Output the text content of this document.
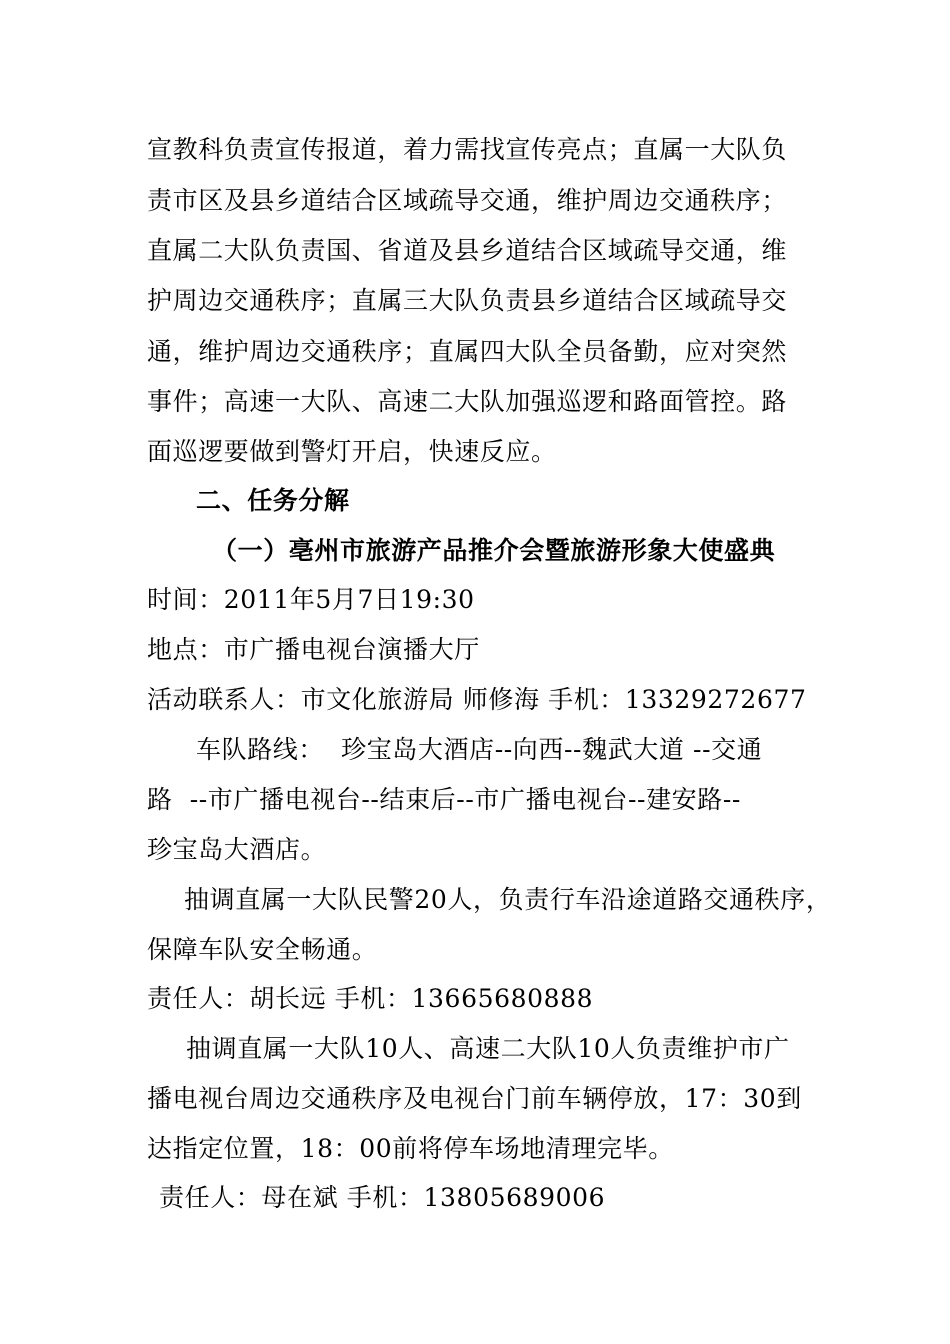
宣教科负责宣传报道，着力需找宣传亮点；直属一大队负
责市区及县乡道结合区域疏导交通，维护周边交通秩序；
直属二大队负责国、省道及县乡道结合区域疏导交通，维
护周边交通秩序；直属三大队负责县乡道结合区域疏导交
通，维护周边交通秩序；直属四大队全员备勤，应对突然
事件；高速一大队、高速二大队加强巡逻和路面管控。路
面巡逻要做到警灯开启，快速反应。
二、任务分解
（一）亳州市旅游产品推介会暨旅游形象大使盛典
时间：2011年5月7日19:30
地点：市广播电视台演播大厅
活动联系人：市文化旅游局 师修海 手机：13329272677
车队路线：  珍宝岛大酒店--向西--魏武大道 --交通
路  --市广播电视台--结束后--市广播电视台--建安路--
珍宝岛大酒店。
抽调直属一大队民警20人，负责行车沿途道路交通秩序，
保障车队安全畅通。
责任人：胡长远 手机：13665680888
抽调直属一大队10人、高速二大队10人负责维护市广
播电视台周边交通秩序及电视台门前车辆停放，17：30到
达指定位置，18：00前将停车场地清理完毕。
责任人：母在斌 手机：13805689006
